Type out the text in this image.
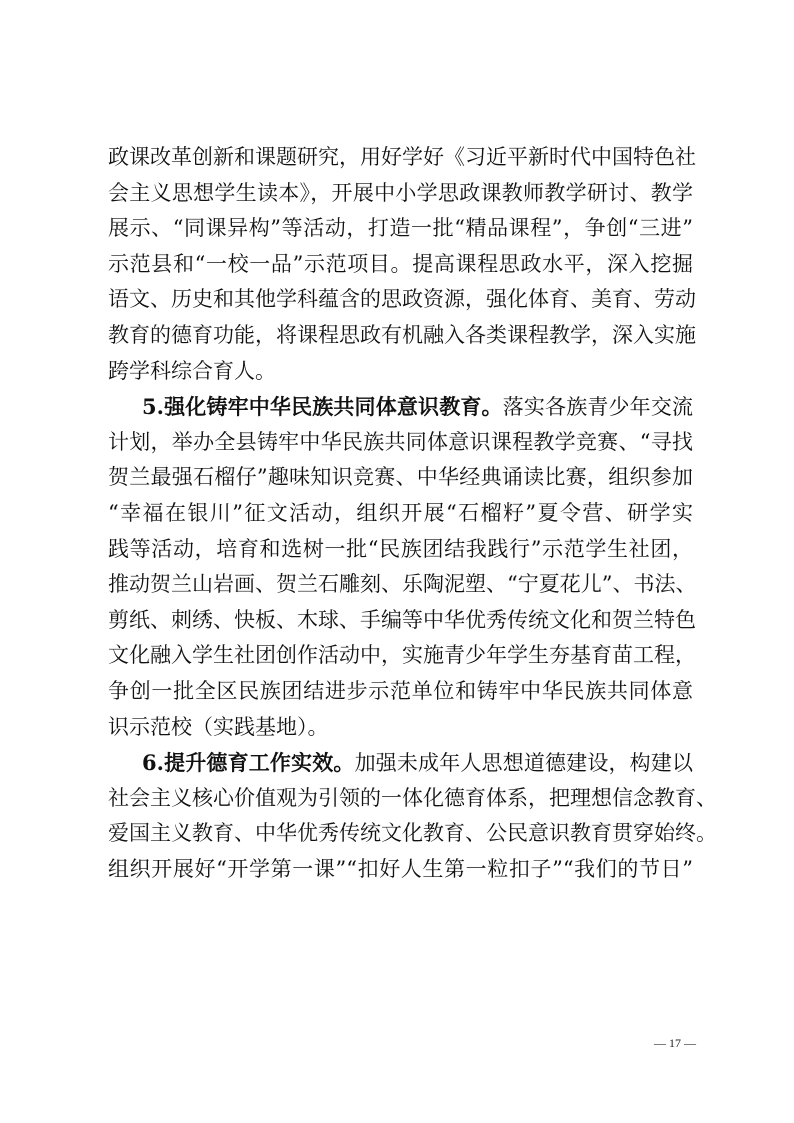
政课改革创新和课题研究，用好学好《习近平新时代中国特色社
会主义思想学生读本》，开展中小学思政课教师教学研讨、教学
展示、“同课异构”等活动，打造一批“精品课程”，争创“三进”
示范县和“一校一品”示范项目。提高课程思政水平，深入挖掘
语文、历史和其他学科蕴含的思政资源，强化体育、美育、劳动
教育的德育功能，将课程思政有机融入各类课程教学，深入实施
跨学科综合育人。
5.强化铸牢中华民族共同体意识教育。落实各族青少年交流
计划，举办全县铸牢中华民族共同体意识课程教学竞赛、“寻找
贺兰最强石榴仔”趣味知识竞赛、中华经典诵读比赛，组织参加
“幸福在银川”征文活动，组织开展“石榴籽”夏令营、研学实
践等活动，培育和选树一批“民族团结我践行”示范学生社团，
推动贺兰山岩画、贺兰石雕刻、乐陶泥塑、“宁夏花儿”、书法、
剪纸、刺绣、快板、木球、手编等中华优秀传统文化和贺兰特色
文化融入学生社团创作活动中，实施青少年学生夯基育苗工程，
争创一批全区民族团结进步示范单位和铸牢中华民族共同体意
识示范校（实践基地）。
6.提升德育工作实效。加强未成年人思想道德建设，构建以
社会主义核心价值观为引领的一体化德育体系，把理想信念教育、
爱国主义教育、中华优秀传统文化教育、公民意识教育贯穿始终。
组织开展好“开学第一课”“扣好人生第一粒扣子”“我们的节日”
— 17 —
